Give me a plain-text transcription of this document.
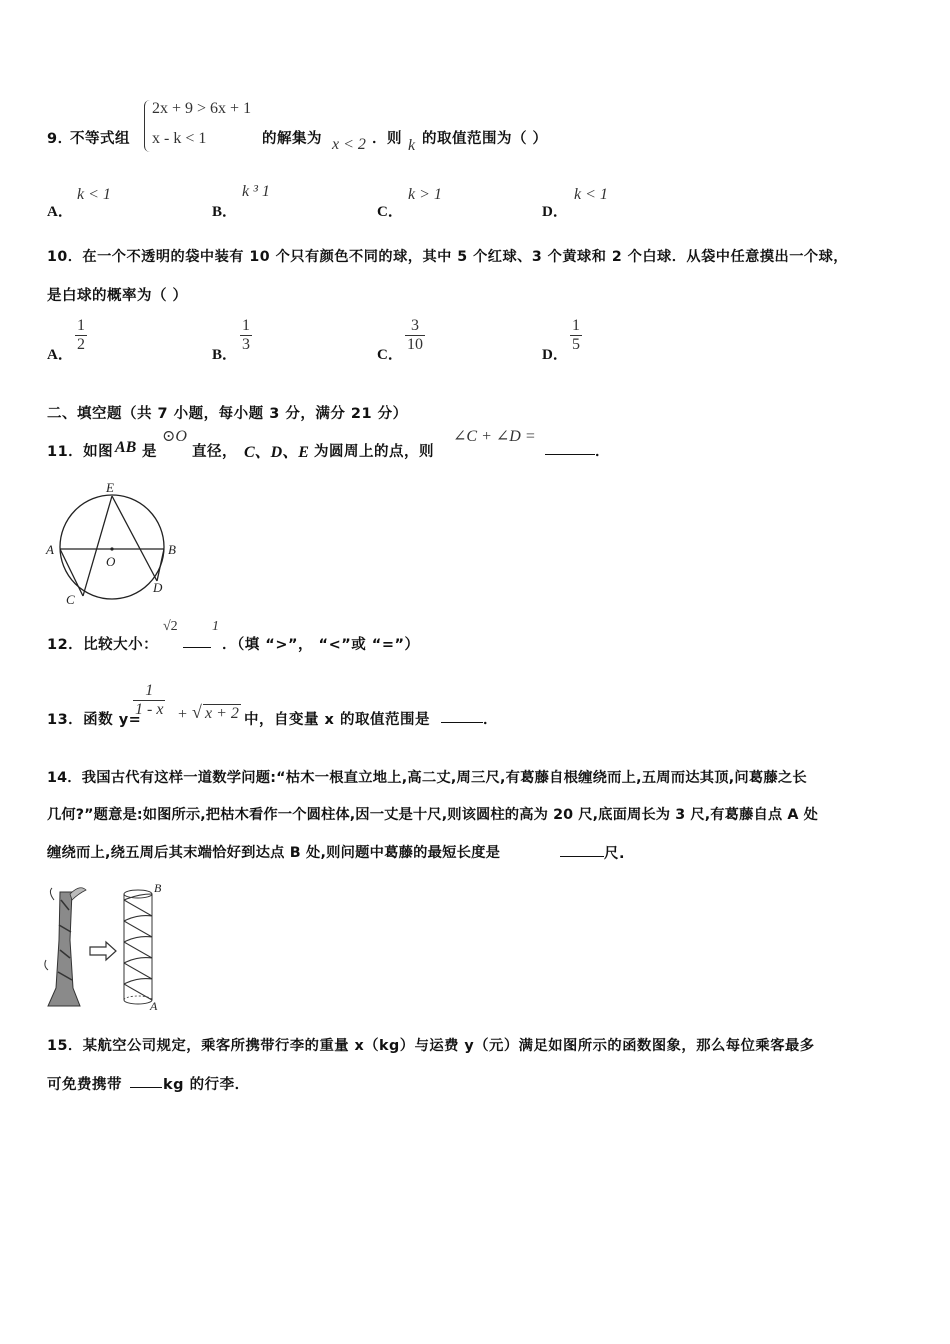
9．
不等式组
2x + 9 > 6x + 1
x - k < 1	的解集为 x < 2 ．则 k 的取值范围为（ ）
A．
k < 1
B．
k ³ 1
C．
k > 1
D．
k < 1
10．在一个不透明的袋中装有 10 个只有颜色不同的球，其中 5 个红球、3 个黄球和 2 个白球．从袋中任意摸出一个球，
是白球的概率为（ ）
A．
$\frac{1}{2}$
B．
$\frac{1}{3}$
C．
$\frac{3}{10}$
D．
$\frac{1}{5}$
二、填空题（共 7 小题，每小题 3 分，满分 21 分）
11．如图 AB 是
⊙O
直径， C、D、E 为圆周上的点，则
∠C + ∠D =
．
E
A	B
O
C
D
12．比较大小：
√2 1
．（填 “>”， “<”或 “=”）
13．函数 y=
$\frac{1}{1 - x}$ + √ x + 2 中，自变量 x 的取值范围是	．
14．我国古代有这样一道数学问题:“枯木一根直立地上,高二丈,周三尺,有葛藤自根缠绕而上,五周而达其顶,问葛藤之长
几何?”题意是:如图所示,把枯木看作一个圆柱体,因一丈是十尺,则该圆柱的高为 20 尺,底面周长为 3 尺,有葛藤自点 A 处
缠绕而上,绕五周后其末端恰好到达点 B 处,则问题中葛藤的最短长度是	尺.
B
A
15．某航空公司规定，乘客所携带行李的重量 x（kg）与运费 y（元）满足如图所示的函数图象，那么每位乘客最多
可免费携带	kg 的行李．
